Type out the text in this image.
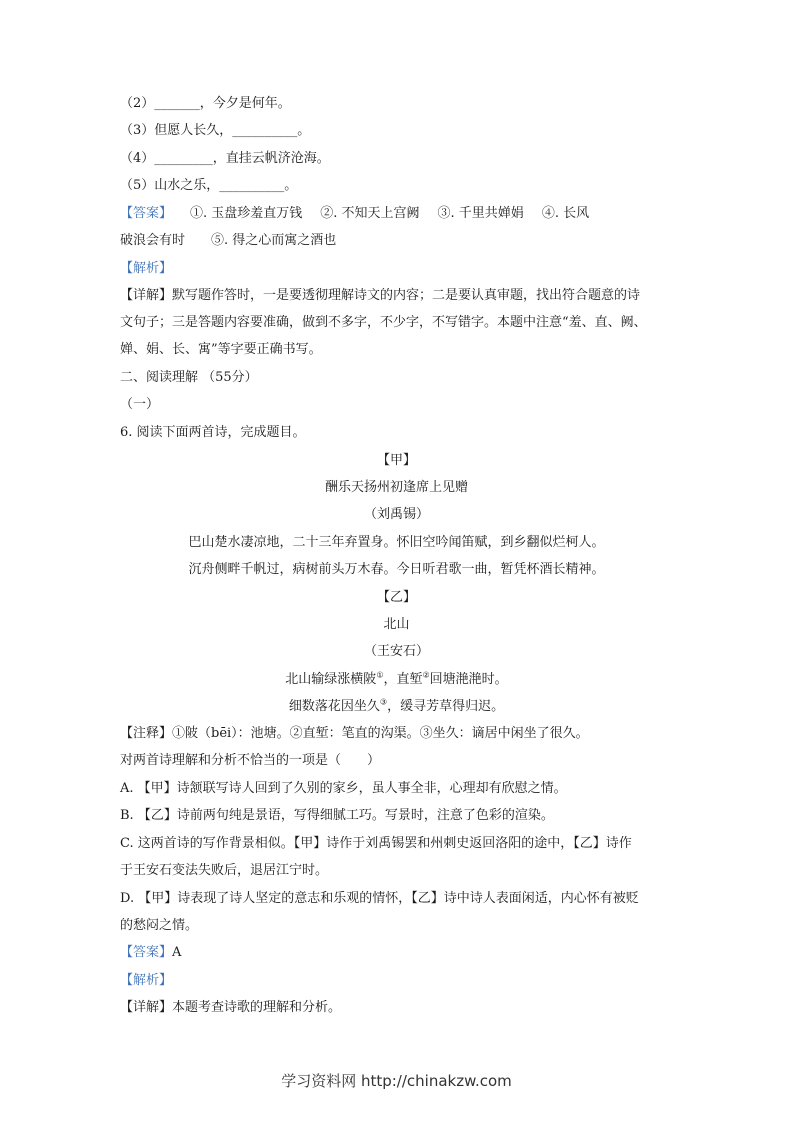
（2）_______，今夕是何年。
（3）但愿人长久，__________。
（4）_________，直挂云帆济沧海。
（5）山水之乐，__________。
【答案】 ①. 玉盘珍羞直万钱 ②. 不知天上宫阙 ③. 千里共婵娟 ④. 长风
破浪会有时 ⑤. 得之心而寓之酒也
【解析】
【详解】默写题作答时，一是要透彻理解诗文的内容；二是要认真审题，找出符合题意的诗
文句子；三是答题内容要准确，做到不多字，不少字，不写错字。本题中注意“羞、直、阙、
婵、娟、长、寓”等字要正确书写。
二、阅读理解 （55分）
（一）
6. 阅读下面两首诗，完成题目。
【甲】
酬乐天扬州初逢席上见赠
（刘禹锡）
巴山楚水凄凉地，二十三年弃置身。怀旧空吟闻笛赋，到乡翻似烂柯人。
沉舟侧畔千帆过，病树前头万木春。今日听君歌一曲，暂凭杯酒长精神。
【乙】
北山
（王安石）
北山输绿涨横陂①，直堑②回塘滟滟时。
细数落花因坐久③，缓寻芳草得归迟。
【注释】①陂（bēi）：池塘。②直堑：笔直的沟渠。③坐久：谪居中闲坐了很久。
对两首诗理解和分析不恰当的一项是（　　）
A. 【甲】诗颔联写诗人回到了久别的家乡，虽人事全非，心理却有欣慰之情。
B. 【乙】诗前两句纯是景语，写得细腻工巧。写景时，注意了色彩的渲染。
C. 这两首诗的写作背景相似。【甲】诗作于刘禹锡罢和州刺史返回洛阳的途中，【乙】诗作
于王安石变法失败后，退居江宁时。
D. 【甲】诗表现了诗人坚定的意志和乐观的情怀，【乙】诗中诗人表面闲适，内心怀有被贬
的愁闷之情。
【答案】A
【解析】
【详解】本题考查诗歌的理解和分析。
学习资料网 http://chinakzw.com
